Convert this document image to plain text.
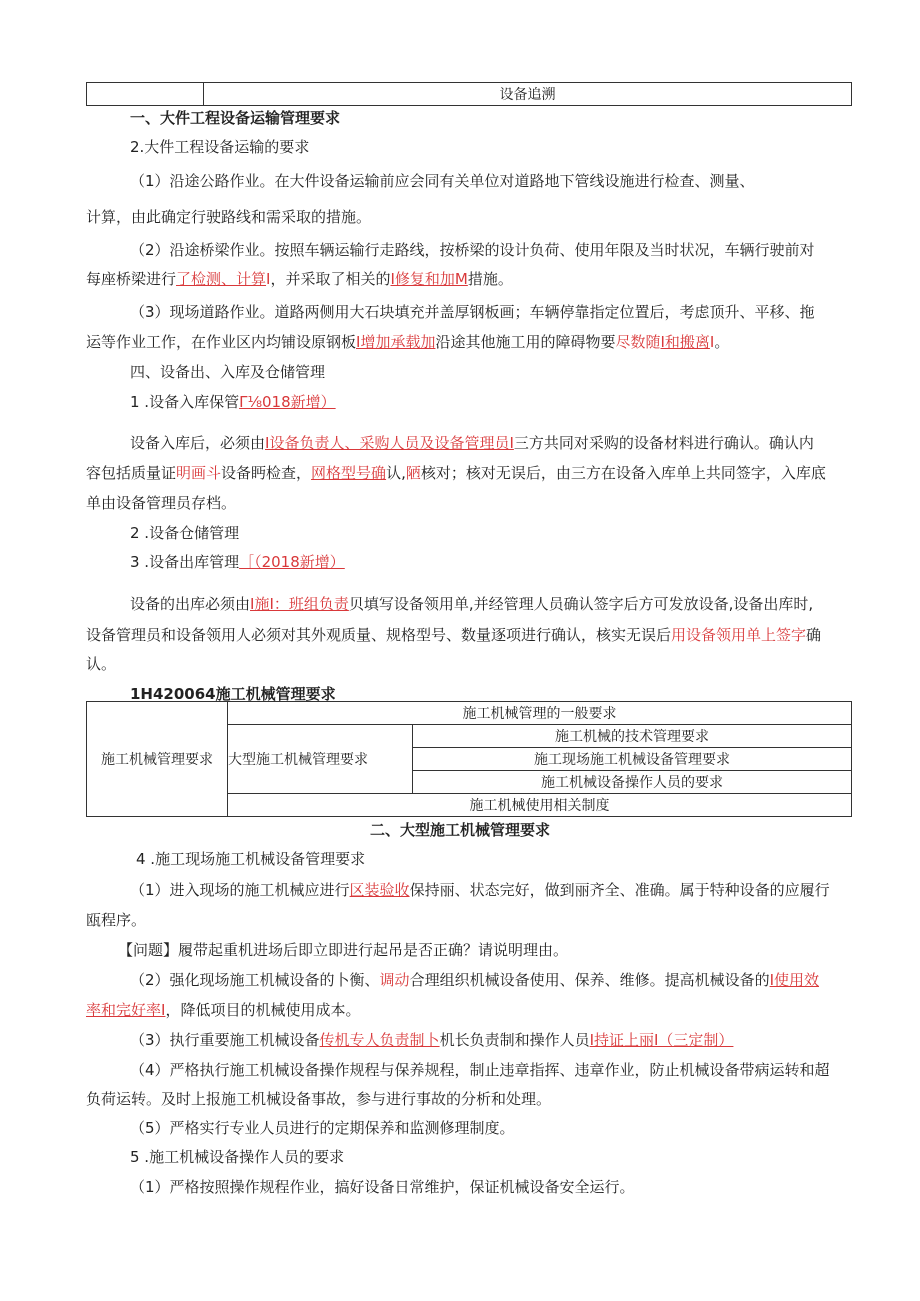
	设备追溯
一、大件工程设备运输管理要求
2.大件工程设备运输的要求
（1）沿途公路作业。在大件设备运输前应会同有关单位对道路地下管线设施进行检查、测量、
计算，由此确定行驶路线和需采取的措施。
（2）沿途桥梁作业。按照车辆运输行走路线，按桥梁的设计负荷、使用年限及当时状况，车辆行驶前对
每座桥梁进行了检测、计算I，并采取了相关的I修复和加M措施。
（3）现场道路作业。道路两侧用大石块填充并盖厚钢板画；车辆停靠指定位置后，考虑顶升、平移、拖
运等作业工作，在作业区内均铺设原钢板I增加承载加沿途其他施工用的障碍物要尽数随I和搬离I。
四、设备出、入库及仓储管理
1 .设备入库保管Γ⅛018新增）
设备入库后，必须由I设备负责人、采购人员及设备管理员I三方共同对采购的设备材料进行确认。确认内
容包括质量证明画斗设备眄检查，网格型号确认,陋核对；核对无误后，由三方在设备入库单上共同签字，入库底
单由设备管理员存档。
2 .设备仓储管理
3 .设备出库管理［（2018新增）
设备的出库必须由I施I：班组负责贝填写设备领用单,并经管理人员确认签字后方可发放设备,设备出库时,
设备管理员和设备领用人必须对其外观质量、规格型号、数量逐项进行确认，核实无误后用设备领用单上签字确
认。
1H420064施工机械管理要求
施工机械管理要求	施工机械管理的一般要求	
	大型施工机械管理要求	施工机械的技术管理要求
		施工现场施工机械设备管理要求
		施工机械设备操作人员的要求
	施工机械使用相关制度	
二、大型施工机械管理要求
4 .施工现场施工机械设备管理要求
（1）进入现场的施工机械应进行区装验收保持丽、状态完好，做到丽齐全、准确。属于特种设备的应履行
瓯程序。
【问题】履带起重机进场后即立即进行起吊是否正确？请说明理由。
（2）强化现场施工机械设备的卜衡、调动合理组织机械设备使用、保养、维修。提高机械设备的I使用效
率和完好率I，降低项目的机械使用成本。
（3）执行重要施工机械设备传机专人负责制卜机长负责制和操作人员I持证上丽I（三定制）
（4）严格执行施工机械设备操作规程与保养规程，制止违章指挥、违章作业，防止机械设备带病运转和超
负荷运转。及时上报施工机械设备事故，参与进行事故的分析和处理。
（5）严格实行专业人员进行的定期保养和监测修理制度。
5 .施工机械设备操作人员的要求
（1）严格按照操作规程作业，搞好设备日常维护，保证机械设备安全运行。
